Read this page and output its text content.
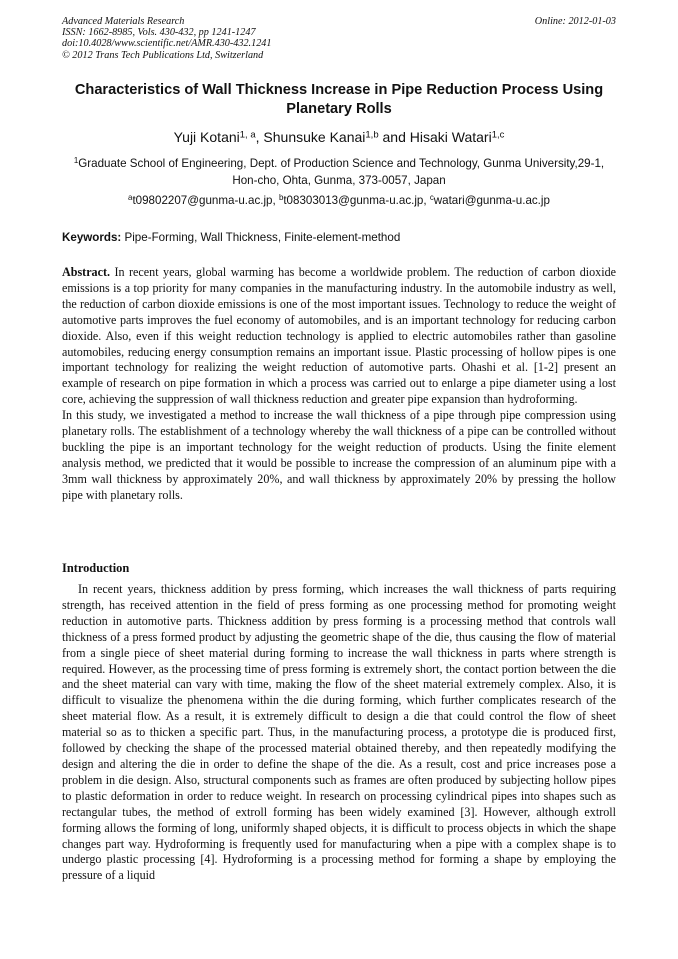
Advanced Materials Research
ISSN: 1662-8985, Vols. 430-432, pp 1241-1247
doi:10.4028/www.scientific.net/AMR.430-432.1241
© 2012 Trans Tech Publications Ltd, Switzerland
Online: 2012-01-03
Characteristics of Wall Thickness Increase in Pipe Reduction Process Using Planetary Rolls
Yuji Kotani$^{1, a}$, Shunsuke Kanai$^{1,b}$ and Hisaki Watari$^{1,c}$
$^1$Graduate School of Engineering, Dept. of Production Science and Technology, Gunma University,29-1, Hon-cho, Ohta, Gunma, 373-0057, Japan
$^a$t09802207@gunma-u.ac.jp, $^b$t08303013@gunma-u.ac.jp, $^c$watari@gunma-u.ac.jp
Keywords: Pipe-Forming, Wall Thickness, Finite-element-method

Abstract. In recent years, global warming has become a worldwide problem. The reduction of carbon dioxide emissions is a top priority for many companies in the manufacturing industry. In the automobile industry as well, the reduction of carbon dioxide emissions is one of the most important issues. Technology to reduce the weight of automotive parts improves the fuel economy of automobiles, and is an important technology for reducing carbon dioxide. Also, even if this weight reduction technology is applied to electric automobiles rather than gasoline automobiles, reducing energy consumption remains an important issue. Plastic processing of hollow pipes is one important technology for realizing the weight reduction of automotive parts. Ohashi et al. [1-2] present an example of research on pipe formation in which a process was carried out to enlarge a pipe diameter using a lost core, achieving the suppression of wall thickness reduction and greater pipe expansion than hydroforming.

In this study, we investigated a method to increase the wall thickness of a pipe through pipe compression using planetary rolls. The establishment of a technology whereby the wall thickness of a pipe can be controlled without buckling the pipe is an important technology for the weight reduction of products. Using the finite element analysis method, we predicted that it would be possible to increase the compression of an aluminum pipe with a 3mm wall thickness by approximately 20%, and wall thickness by approximately 20% by pressing the hollow pipe with planetary rolls.

Introduction

In recent years, thickness addition by press forming, which increases the wall thickness of parts requiring strength, has received attention in the field of press forming as one processing method for promoting weight reduction in automotive parts. Thickness addition by press forming is a processing method that controls wall thickness of a press formed product by adjusting the geometric shape of the die, thus causing the flow of material from a single piece of sheet material during forming to increase the wall thickness in parts where strength is required. However, as the processing time of press forming is extremely short, the contact portion between the die and the sheet material can vary with time, making the flow of the sheet material extremely complex. Also, it is difficult to visualize the phenomena within the die during forming, which further complicates research of the sheet material flow. As a result, it is extremely difficult to design a die that could control the flow of sheet material so as to thicken a specific part. Thus, in the manufacturing process, a prototype die is produced first, followed by checking the shape of the processed material obtained thereby, and then repeatedly modifying the design and altering the die in order to define the shape of the die. As a result, cost and price increases pose a problem in die design. Also, structural components such as frames are often produced by subjecting hollow pipes to plastic deformation in order to reduce weight. In research on processing cylindrical pipes into shapes such as rectangular tubes, the method of extroll forming has been widely examined [3]. However, although extroll forming allows the forming of long, uniformly shaped objects, it is difficult to process objects in which the shape changes part way. Hydroforming is frequently used for manufacturing when a pipe with a complex shape is to undergo plastic processing [4]. Hydroforming is a processing method for forming a shape by employing the pressure of a liquid
